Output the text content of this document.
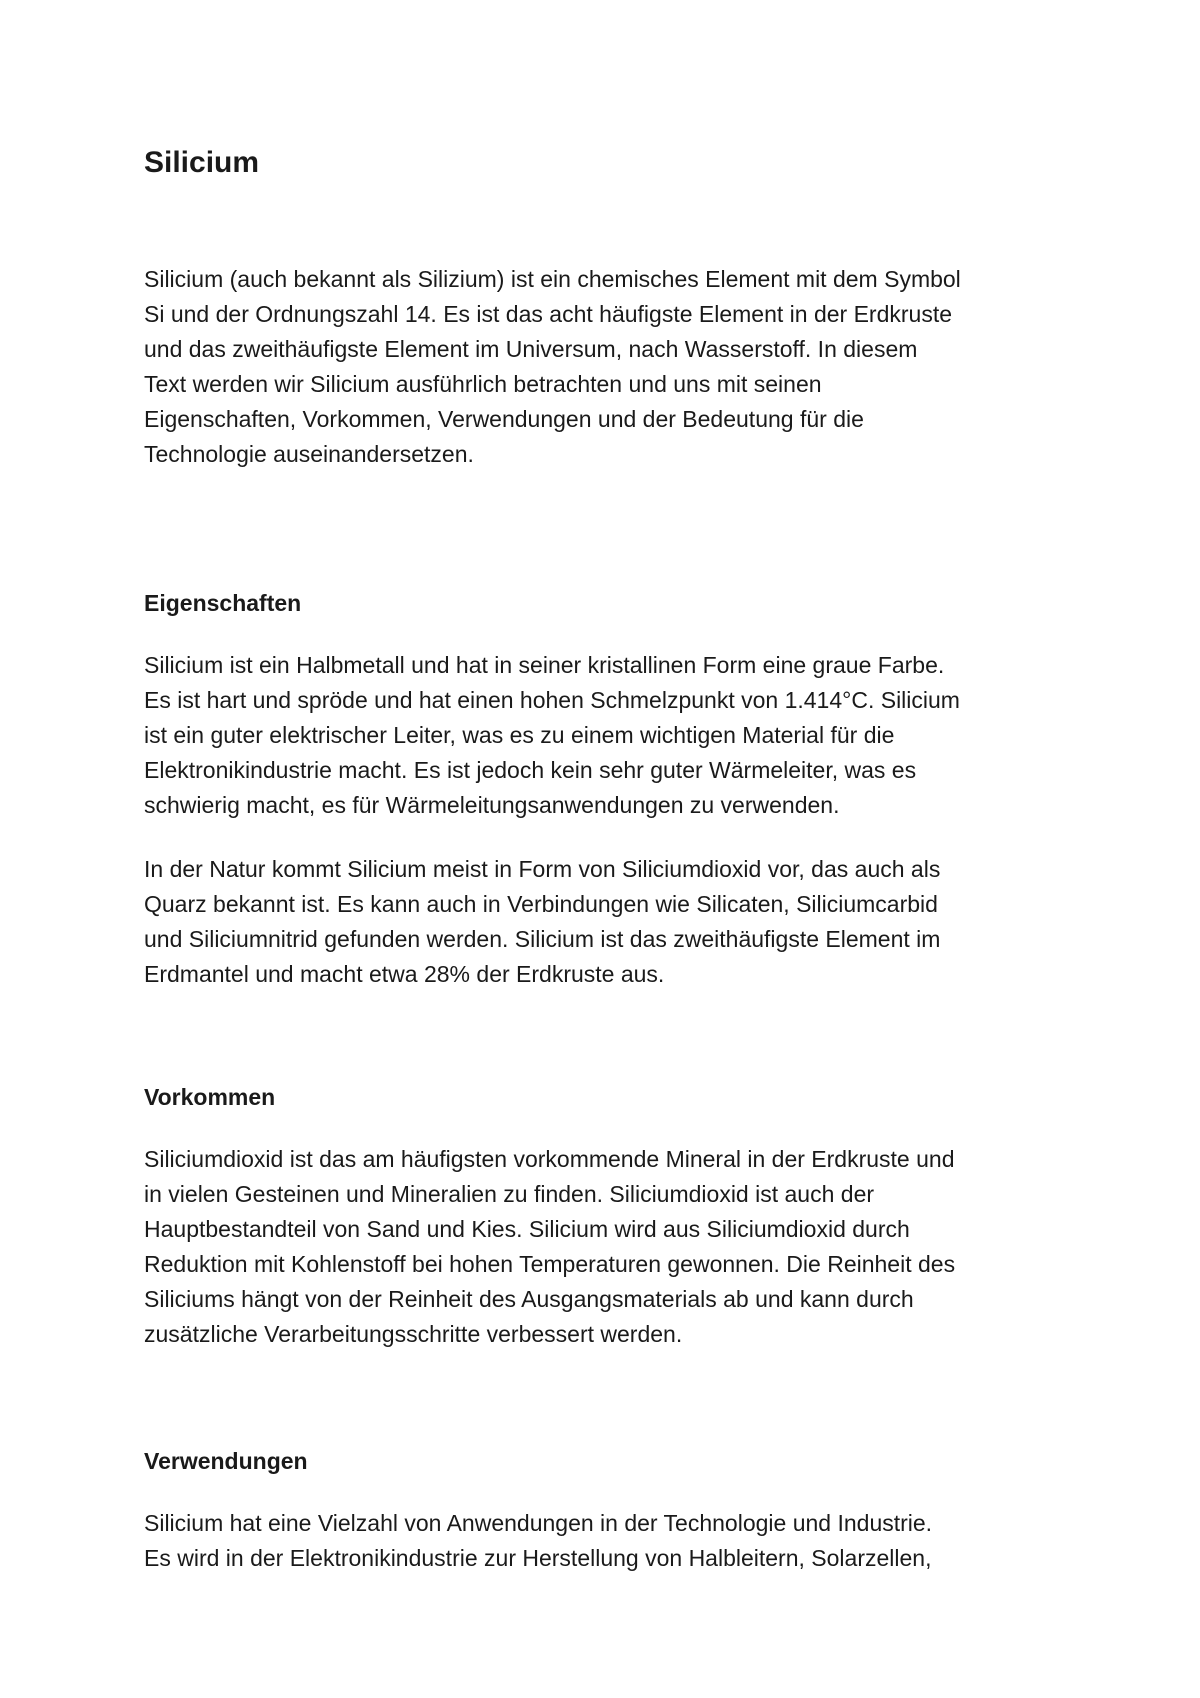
Silicium

Silicium (auch bekannt als Silizium) ist ein chemisches Element mit dem Symbol
Si und der Ordnungszahl 14. Es ist das acht häufigste Element in der Erdkruste
und das zweithäufigste Element im Universum, nach Wasserstoff. In diesem
Text werden wir Silicium ausführlich betrachten und uns mit seinen
Eigenschaften, Vorkommen, Verwendungen und der Bedeutung für die
Technologie auseinandersetzen.

Eigenschaften

Silicium ist ein Halbmetall und hat in seiner kristallinen Form eine graue Farbe.
Es ist hart und spröde und hat einen hohen Schmelzpunkt von 1.414°C. Silicium
ist ein guter elektrischer Leiter, was es zu einem wichtigen Material für die
Elektronikindustrie macht. Es ist jedoch kein sehr guter Wärmeleiter, was es
schwierig macht, es für Wärmeleitungsanwendungen zu verwenden.

In der Natur kommt Silicium meist in Form von Siliciumdioxid vor, das auch als
Quarz bekannt ist. Es kann auch in Verbindungen wie Silicaten, Siliciumcarbid
und Siliciumnitrid gefunden werden. Silicium ist das zweithäufigste Element im
Erdmantel und macht etwa 28% der Erdkruste aus.

Vorkommen

Siliciumdioxid ist das am häufigsten vorkommende Mineral in der Erdkruste und
in vielen Gesteinen und Mineralien zu finden. Siliciumdioxid ist auch der
Hauptbestandteil von Sand und Kies. Silicium wird aus Siliciumdioxid durch
Reduktion mit Kohlenstoff bei hohen Temperaturen gewonnen. Die Reinheit des
Siliciums hängt von der Reinheit des Ausgangsmaterials ab und kann durch
zusätzliche Verarbeitungsschritte verbessert werden.

Verwendungen

Silicium hat eine Vielzahl von Anwendungen in der Technologie und Industrie.
Es wird in der Elektronikindustrie zur Herstellung von Halbleitern, Solarzellen,
